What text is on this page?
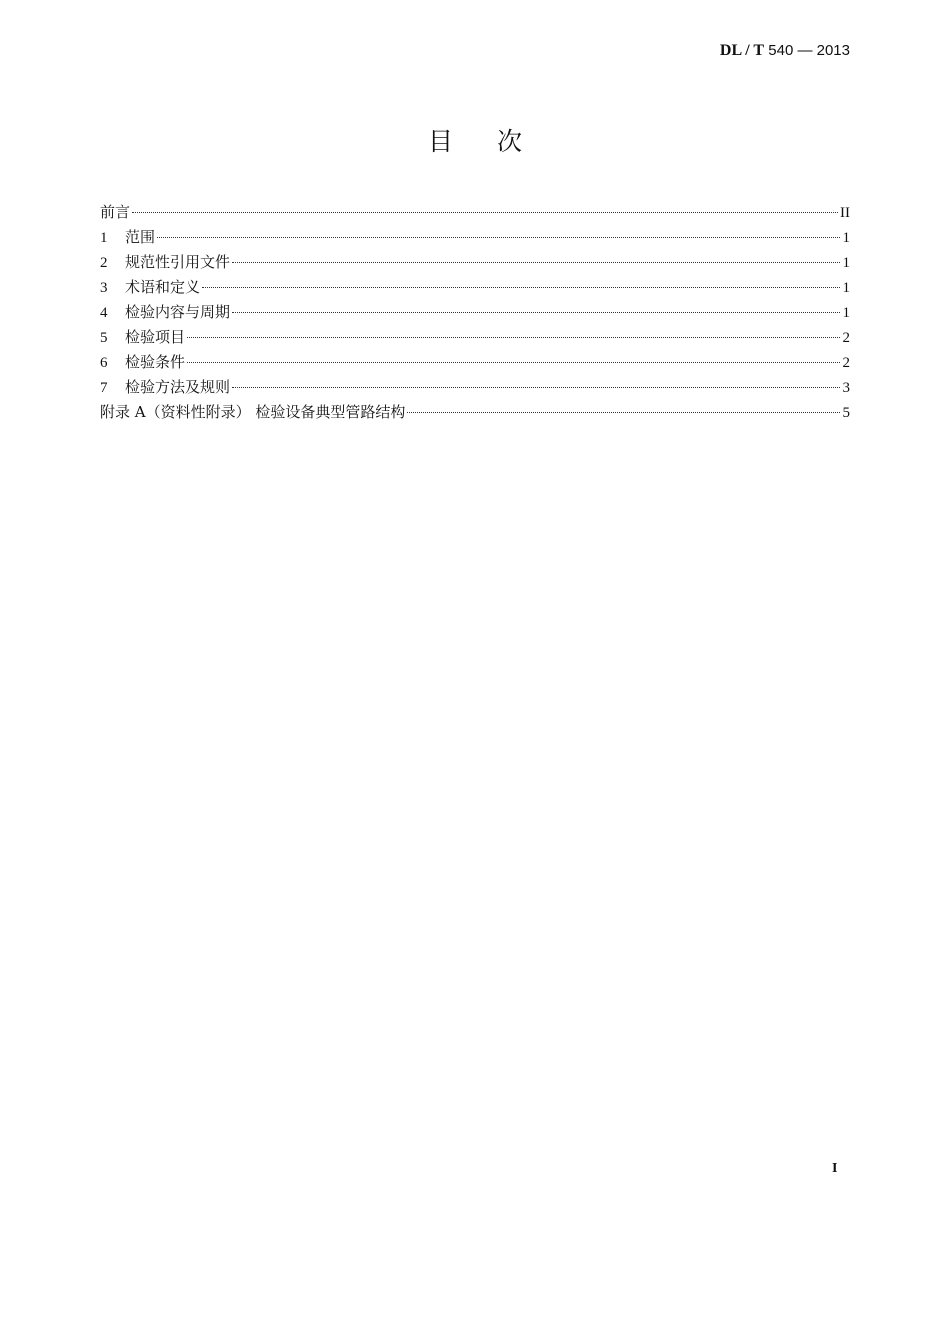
DL / T 540 — 2013
目次
前言	II
1	范围	1
2	规范性引用文件	1
3	术语和定义	1
4	检验内容与周期	1
5	检验项目	2
6	检验条件	2
7	检验方法及规则	3
附录 A（资料性附录） 检验设备典型管路结构	5
I
